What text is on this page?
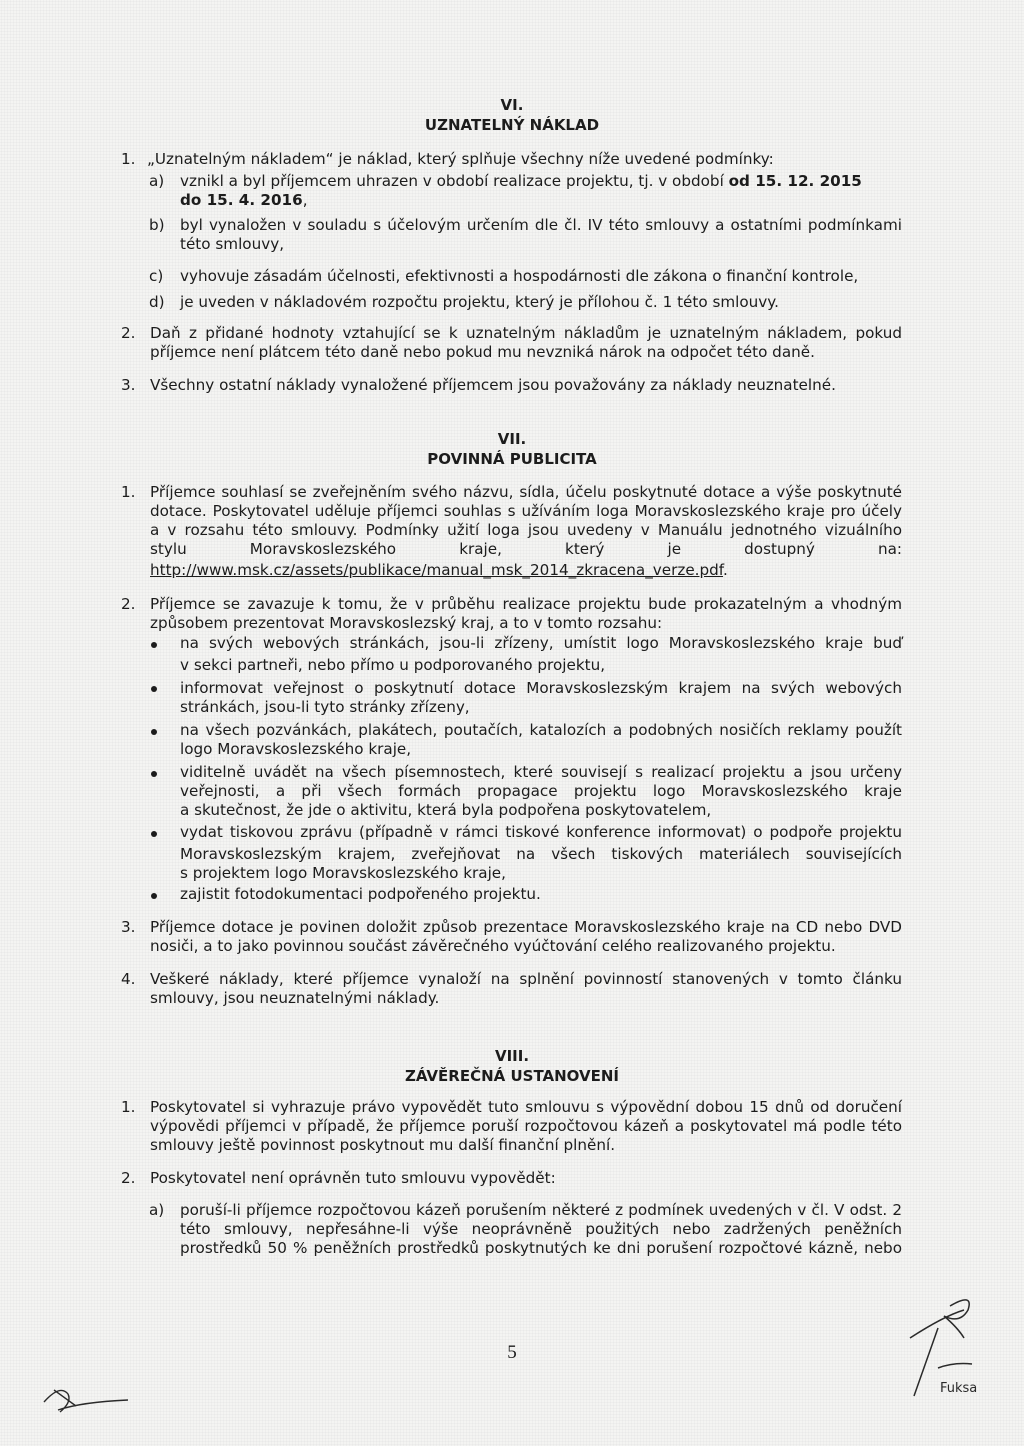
VI.
UZNATELNÝ NÁKLAD
1. „Uznatelným nákladem“ je náklad, který splňuje všechny níže uvedené podmínky:
a) vznikl a byl příjemcem uhrazen v období realizace projektu, tj. v období od 15. 12. 2015
do 15. 4. 2016,
b) byl vynaložen v souladu s účelovým určením dle čl. IV této smlouvy a ostatními podmínkami
této smlouvy,
c) vyhovuje zásadám účelnosti, efektivnosti a hospodárnosti dle zákona o finanční kontrole,
d) je uveden v nákladovém rozpočtu projektu, který je přílohou č. 1 této smlouvy.
2. Daň z přidané hodnoty vztahující se k uznatelným nákladům je uznatelným nákladem, pokud
příjemce není plátcem této daně nebo pokud mu nevzniká nárok na odpočet této daně.
3. Všechny ostatní náklady vynaložené příjemcem jsou považovány za náklady neuznatelné.
VII.
POVINNÁ PUBLICITA
1. Příjemce souhlasí se zveřejněním svého názvu, sídla, účelu poskytnuté dotace a výše poskytnuté
dotace. Poskytovatel uděluje příjemci souhlas s užíváním loga Moravskoslezského kraje pro účely
a v rozsahu této smlouvy. Podmínky užití loga jsou uvedeny v Manuálu jednotného vizuálního
stylu Moravskoslezského kraje, který je dostupný na:
http://www.msk.cz/assets/publikace/manual_msk_2014_zkracena_verze.pdf.
2. Příjemce se zavazuje k tomu, že v průběhu realizace projektu bude prokazatelným a vhodným
způsobem prezentovat Moravskoslezský kraj, a to v tomto rozsahu:
na svých webových stránkách, jsou-li zřízeny, umístit logo Moravskoslezského kraje buď
v sekci partneři, nebo přímo u podporovaného projektu,
informovat veřejnost o poskytnutí dotace Moravskoslezským krajem na svých webových
stránkách, jsou-li tyto stránky zřízeny,
na všech pozvánkách, plakátech, poutačích, katalozích a podobných nosičích reklamy použít
logo Moravskoslezského kraje,
viditelně uvádět na všech písemnostech, které souvisejí s realizací projektu a jsou určeny
veřejnosti, a při všech formách propagace projektu logo Moravskoslezského kraje
a skutečnost, že jde o aktivitu, která byla podpořena poskytovatelem,
vydat tiskovou zprávu (případně v rámci tiskové konference informovat) o podpoře projektu
Moravskoslezským krajem, zveřejňovat na všech tiskových materiálech souvisejících
s projektem logo Moravskoslezského kraje,
zajistit fotodokumentaci podpořeného projektu.
3. Příjemce dotace je povinen doložit způsob prezentace Moravskoslezského kraje na CD nebo DVD
nosiči, a to jako povinnou součást závěrečného vyúčtování celého realizovaného projektu.
4. Veškeré náklady, které příjemce vynaloží na splnění povinností stanovených v tomto článku
smlouvy, jsou neuznatelnými náklady.
VIII.
ZÁVĚREČNÁ USTANOVENÍ
1. Poskytovatel si vyhrazuje právo vypovědět tuto smlouvu s výpovědní dobou 15 dnů od doručení
výpovědi příjemci v případě, že příjemce poruší rozpočtovou kázeň a poskytovatel má podle této
smlouvy ještě povinnost poskytnout mu další finanční plnění.
2. Poskytovatel není oprávněn tuto smlouvu vypovědět:
a) poruší-li příjemce rozpočtovou kázeň porušením některé z podmínek uvedených v čl. V odst. 2
této smlouvy, nepřesáhne-li výše neoprávněně použitých nebo zadržených peněžních
prostředků 50 % peněžních prostředků poskytnutých ke dni porušení rozpočtové kázně, nebo
5
Fuksa
